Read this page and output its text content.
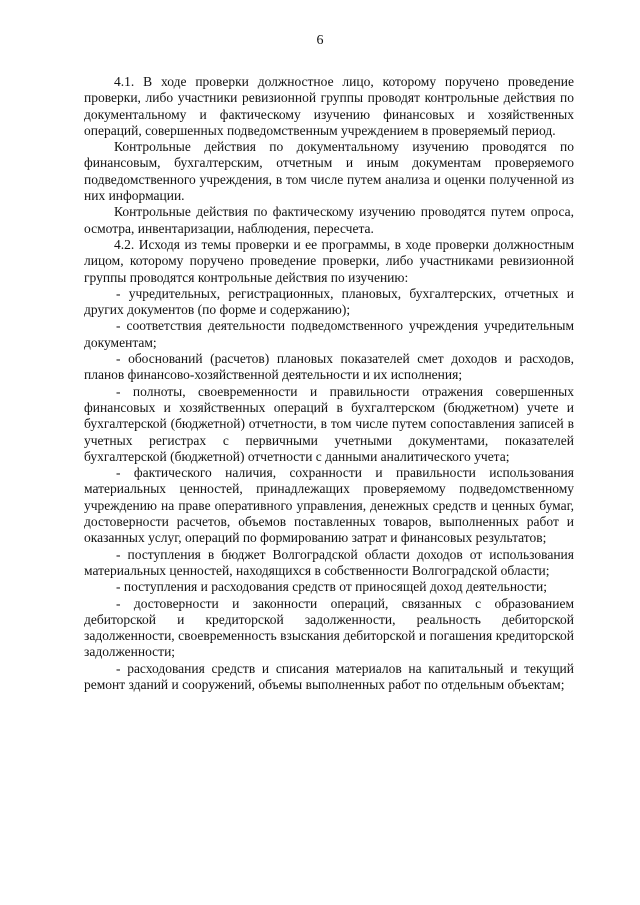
6

4.1. В ходе проверки должностное лицо, которому поручено проведение проверки, либо участники ревизионной группы проводят контрольные действия по документальному и фактическому изучению финансовых и хозяйственных операций, совершенных подведомственным учреждением в проверяемый период.

Контрольные действия по документальному изучению проводятся по финансовым, бухгалтерским, отчетным и иным документам проверяемого подведомственного учреждения, в том числе путем анализа и оценки полученной из них информации.

Контрольные действия по фактическому изучению проводятся путем опроса, осмотра, инвентаризации, наблюдения, пересчета.

4.2. Исходя из темы проверки и ее программы, в ходе проверки должностным лицом, которому поручено проведение проверки, либо участниками ревизионной группы проводятся контрольные действия по изучению:

- учредительных, регистрационных, плановых, бухгалтерских, отчетных и других документов (по форме и содержанию);

- соответствия деятельности подведомственного учреждения учредительным документам;

- обоснований (расчетов) плановых показателей смет доходов и расходов, планов финансово-хозяйственной деятельности и их исполнения;

- полноты, своевременности и правильности отражения совершенных финансовых и хозяйственных операций в бухгалтерском (бюджетном) учете и бухгалтерской (бюджетной) отчетности, в том числе путем сопоставления записей в учетных регистрах с первичными учетными документами, показателей бухгалтерской (бюджетной) отчетности с данными аналитического учета;

- фактического наличия, сохранности и правильности использования материальных ценностей, принадлежащих проверяемому подведомственному учреждению на праве оперативного управления, денежных средств и ценных бумаг, достоверности расчетов, объемов поставленных товаров, выполненных работ и оказанных услуг, операций по формированию затрат и финансовых результатов;

- поступления в бюджет Волгоградской области доходов от использования материальных ценностей, находящихся в собственности Волгоградской области;

- поступления и расходования средств от приносящей доход деятельности;

- достоверности и законности операций, связанных с образованием дебиторской и кредиторской задолженности, реальность дебиторской задолженности, своевременность взыскания дебиторской и погашения кредиторской задолженности;

- расходования средств и списания материалов на капитальный и текущий ремонт зданий и сооружений, объемы выполненных работ по отдельным объектам;
